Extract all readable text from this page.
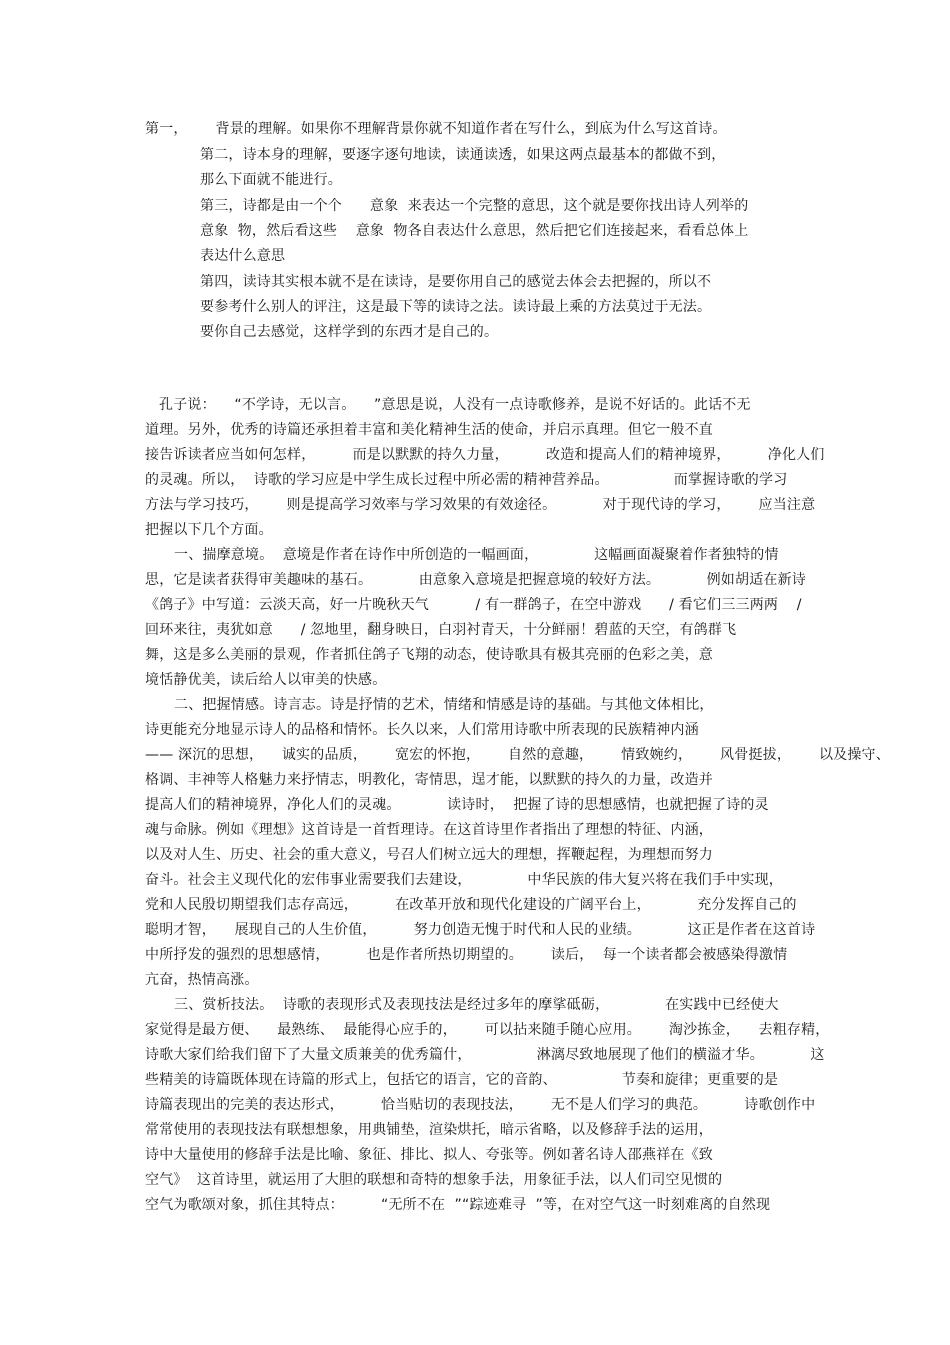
第一，      背景的理解。如果你不理解背景你就不知道作者在写什么，到底为什么写这首诗。
第二，诗本身的理解，要逐字逐句地读，读通读透，如果这两点最基本的都做不到，
那么下面就不能进行。
第三，诗都是由一个个      意象  来表达一个完整的意思，这个就是要你找出诗人列举的
意象  物，然后看这些    意象  物各自表达什么意思，然后把它们连接起来，看看总体上
表达什么意思
第四，读诗其实根本就不是在读诗，是要你用自己的感觉去体会去把握的，所以不
要参考什么别人的评注，这是最下等的读诗之法。读诗最上乘的方法莫过于无法。
要你自己去感觉，这样学到的东西才是自己的。
孔子说：    “不学诗，无以言。    ”意思是说，人没有一点诗歌修养，是说不好话的。此话不无
道理。另外，优秀的诗篇还承担着丰富和美化精神生活的使命，并启示真理。但它一般不直
接告诉读者应当如何怎样，        而是以默默的持久力量，        改造和提高人们的精神境界，        净化人们
的灵魂。所以，  诗歌的学习应是中学生成长过程中所必需的精神营养品。              而掌握诗歌的学习
方法与学习技巧，      则是提高学习效率与学习效果的有效途径。          对于现代诗的学习，      应当注意
把握以下几个方面。
一、揣摩意境。  意境是作者在诗作中所创造的一幅画面，            这幅画面凝聚着作者独特的情
思，它是读者获得审美趣味的基石。          由意象入意境是把握意境的较好方法。          例如胡适在新诗
《鸽子》中写道：云淡天高，好一片晚秋天气          / 有一群鸽子，在空中游戏      / 看它们三三两两    /
回环来往，夷犹如意      / 忽地里，翻身映日，白羽衬青天，十分鲜丽！碧蓝的天空，有鸽群飞
舞，这是多么美丽的景观，作者抓住鸽子飞翔的动态，使诗歌具有极其亮丽的色彩之美，意
境恬静优美，读后给人以审美的快感。
二、把握情感。诗言志。诗是抒情的艺术，情绪和情感是诗的基础。与其他文体相比，
诗更能充分地显示诗人的品格和情怀。长久以来，人们常用诗歌中所表现的民族精神内涵
—— 深沉的思想，    诚实的品质，      宽宏的怀抱，      自然的意趣，      情致婉约，      风骨挺拔，      以及操守、
格调、丰神等人格魅力来抒情志，明教化，寄情思，逞才能，以默默的持久的力量，改造并
提高人们的精神境界，净化人们的灵魂。          读诗时，  把握了诗的思想感情，也就把握了诗的灵
魂与命脉。例如《理想》这首诗是一首哲理诗。在这首诗里作者指出了理想的特征、内涵，
以及对人生、历史、社会的重大意义，号召人们树立远大的理想，挥鞭起程，为理想而努力
奋斗。社会主义现代化的宏伟事业需要我们去建设，            中华民族的伟大复兴将在我们手中实现，
党和人民殷切期望我们志存高远，        在改革开放和现代化建设的广阔平台上，          充分发挥自己的
聪明才智，    展现自己的人生价值，        努力创造无愧于时代和人民的业绩。          这正是作者在这首诗
中所抒发的强烈的思想感情，        也是作者所热切期望的。      读后，  每一个读者都会被感染得激情
亢奋，热情高涨。
三、赏析技法。  诗歌的表现形式及表现技法是经过多年的摩挲砥砺，            在实践中已经使大
家觉得是最方便、    最熟练、  最能得心应手的，      可以拈来随手随心应用。      淘沙拣金，    去粗存精，
诗歌大家们给我们留下了大量文质兼美的优秀篇什，              淋漓尽致地展现了他们的横溢才华。          这
些精美的诗篇既体现在诗篇的形式上，包括它的语言，它的音韵、              节奏和旋律；更重要的是
诗篇表现出的完美的表达形式，        恰当贴切的表现技法，      无不是人们学习的典范。        诗歌创作中
常常使用的表现技法有联想想象，用典铺垫，渲染烘托，暗示省略，以及修辞手法的运用，
诗中大量使用的修辞手法是比喻、象征、排比、拟人、夸张等。例如著名诗人邵燕祥在《致
空气》  这首诗里，就运用了大胆的联想和奇特的想象手法，用象征手法，以人们司空见惯的
空气为歌颂对象，抓住其特点：        “无所不在  ”“踪迹难寻  ”等，在对空气这一时刻难离的自然现
